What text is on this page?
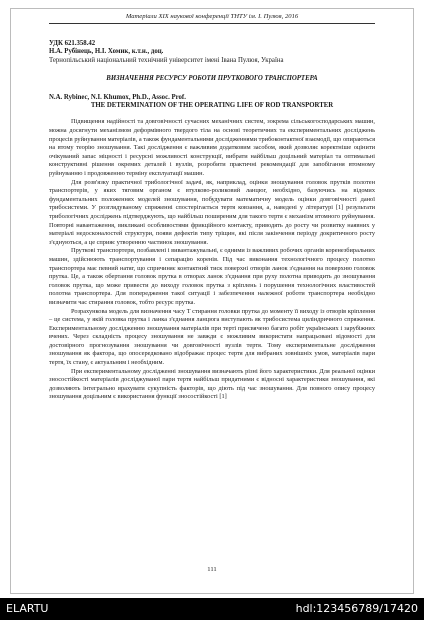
Матеріали ХІХ наукової конференції ТНТУ ім. І. Пулюя, 2016
УДК 621.358.42
Н.А. Рубінець, Н.І. Хомик, к.т.н., доц.
Тернопільський національний технічний університет імені Івана Пулюя, Україна
ВИЗНАЧЕННЯ РЕСУРСУ РОБОТИ ПРУТКОВОГО ТРАНСПОРТЕРА
N.A. Rybinec, N.I. Khumox, Ph.D., Assoc. Prof.
THE DETERMINATION OF THE OPERATING LIFE OF ROD TRANSPORTER

Підвищення надійності та довговічності сучасних механічних систем, зокрема сільськогосподарських машин, можна досягнути механізмом деформівного твердого тіла на основі теоретичних та експериментальних досліджень процесів руйнування матеріалів, а також фундаментальними дослідженнями трибоконтактної взаємодії, що опираються на втому теорію зношування. Такі дослідження є важливим додатковим засобом, який дозволяє коректніше оцінити очікуваний запас міцності і ресурсні можливості конструкції, вибрати найбільш доцільний матеріал та оптимальні конструктивні рішення окремих деталей і вузлів, розробити практичні рекомендації для запобігання втомному руйнуванню і продовженню терміну експлуатації машин.

Для розв'язку практичної трибологічної задачі, як, наприклад, оцінки зношування головок прутків полотен транспортерів, у яких тяговим органом є втулково-роликовий ланцюг, необхідно, базуючись на відомих фундаментальних положеннях моделей зношування, побудувати математичну модель оцінки довговічності даної трибосистеми. У розглядуваному спряженні спостерігається тертя ковзання, а, наведені у літературі [1] результати трибологічних досліджень підтверджують, що найбільш поширеним для такого тертя є механізм втомного руйнування. Повторні навантаження, викликані особливостями фрикційного контакту, приводять до росту чи розвитку наявних у матеріалі недосконалостей структури, появи дефектів типу тріщин, які після закінчення періоду докритичного росту з'єднуються, а це сприяє утворенню частинок зношування.

Пруткові транспортери, позбавлені і вивантажувальні, є одними із важливих робочих органів коренезбиральних машин, здійснюють транспортування і сепарацію коренів. Під час виконання технологічного процесу полотно транспортера має певний натяг, що спричиняє контактний тиск поверхні отворів ланок з'єднання на поверхню головок прутка. Це, а також обертання головок прутка в отворах ланок з'єднання при руху полотна приводить до зношування головок прутка, що може привести до виходу головок прутка з кріплень і порушення технологічних властивостей полотна транспортера. Для попередження такої ситуації і забезпечення належної роботи транспортера необхідно визначити час стирання головок, тобто ресурс прутка.

Розрахункова модель для визначення часу T стирання головки прутка до моменту її виходу із отворів кріплення – це система, у якій головка прутка і ланка з'єднання ланцюга виступають як трибосистема циліндричного спряження. Експериментальному дослідженню зношування матеріалів при терті присвячено багато робіт українських і зарубіжних вчених. Через складність процесу зношування не завжди є можливим використати напрацьовані відомості для достовірного прогнозування зношування чи довговічності вузлів тертя. Тому експериментальне дослідження зношування як фактора, що опосередковано відображає процес тертя для вибраних зовнішніх умов, матеріалів пари тертя, їх стану, є актуальним і необхідним.

При експериментальному дослідженні зношування визначають різні його характеристики. Для реальної оцінки зносостійкості матеріалів досліджуваної пари тертя найбільш придатними є відносні характеристики зношування, які дозволяють інтегрально врахувати сукупність факторів, що діють під час зношування. Для повного опису процесу зношування доцільним є використання функції зносостійкості [1]

111
ELARTU	hdl:123456789/17420
